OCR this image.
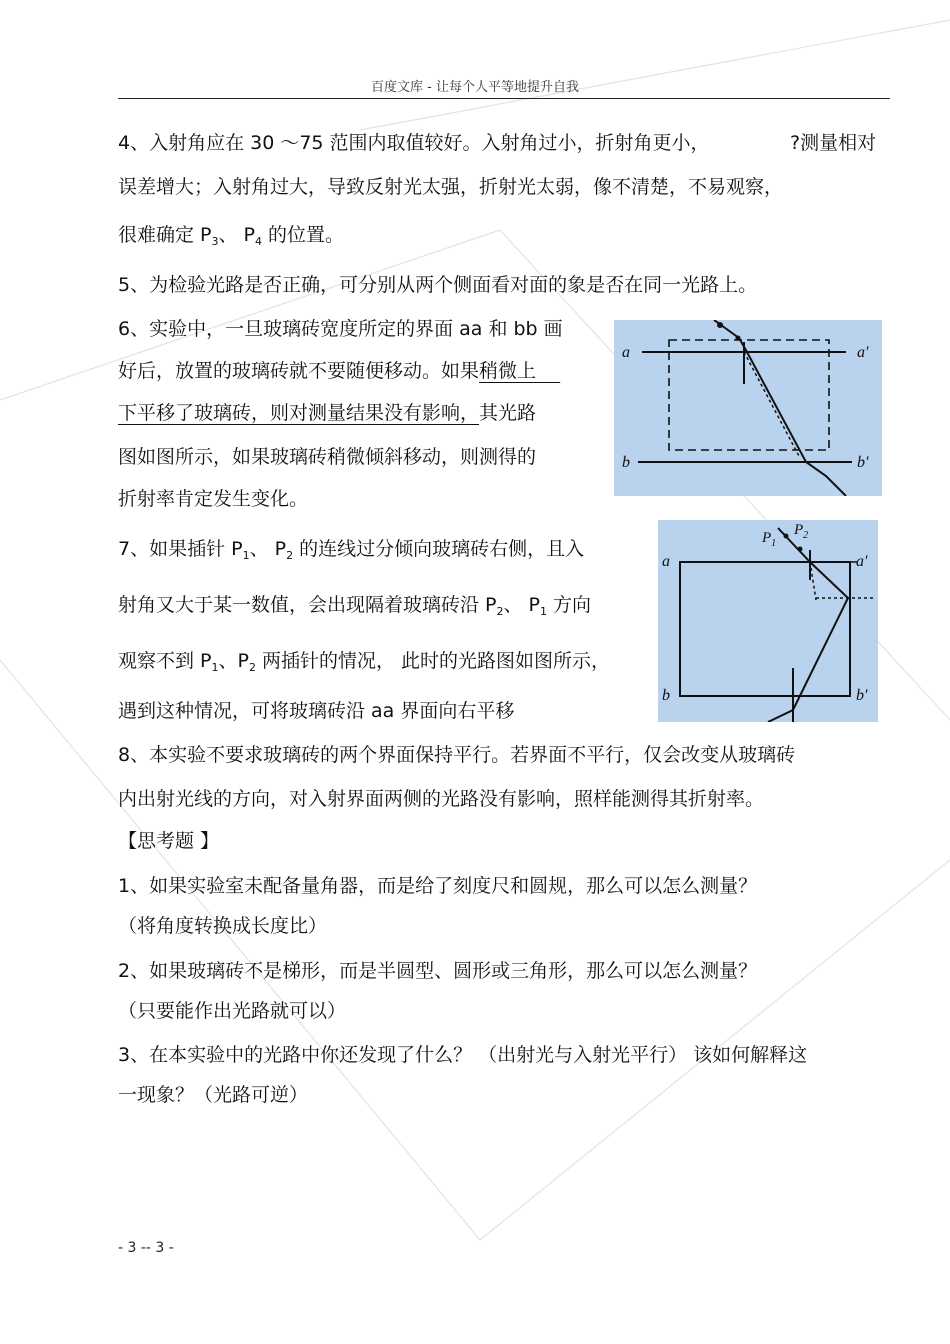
百度文库 - 让每个人平等地提升自我
4、入射角应在 30 ～75 范围内取值较好。入射角过小，折射角更小，	?测量相对
误差增大；入射角过大，导致反射光太强，折射光太弱，像不清楚，不易观察，
很难确定 $P_3$、 $P_4$ 的位置。
5、为检验光路是否正确，可分别从两个侧面看对面的象是否在同一光路上。
6、实验中，一旦玻璃砖宽度所定的界面 aa 和 bb 画
好后，放置的玻璃砖就不要随便移动。如果稍微上
下平移了玻璃砖，则对测量结果没有影响，其光路
图如图所示，如果玻璃砖稍微倾斜移动，则测得的
折射率肯定发生变化。
a	a′
b	b′
7、如果插针 $P_1$、 $P_2$ 的连线过分倾向玻璃砖右侧，且入
射角又大于某一数值，会出现隔着玻璃砖沿 $P_2$、 $P_1$ 方向
观察不到 $P_1$、$P_2$ 两插针的情况， 此时的光路图如图所示，
遇到这种情况，可将玻璃砖沿 aa 界面向右平移
a	a′
b	b′
$P_1$
$P_2$
8、本实验不要求玻璃砖的两个界面保持平行。若界面不平行，仅会改变从玻璃砖
内出射光线的方向，对入射界面两侧的光路没有影响，照样能测得其折射率。
【思考题 】
1、如果实验室未配备量角器，而是给了刻度尺和圆规，那么可以怎么测量？
（将角度转换成长度比）
2、如果玻璃砖不是梯形，而是半圆型、圆形或三角形，那么可以怎么测量？
（只要能作出光路就可以）
3、在本实验中的光路中你还发现了什么？ （出射光与入射光平行） 该如何解释这
一现象？（光路可逆）
- 3 -- 3 -
